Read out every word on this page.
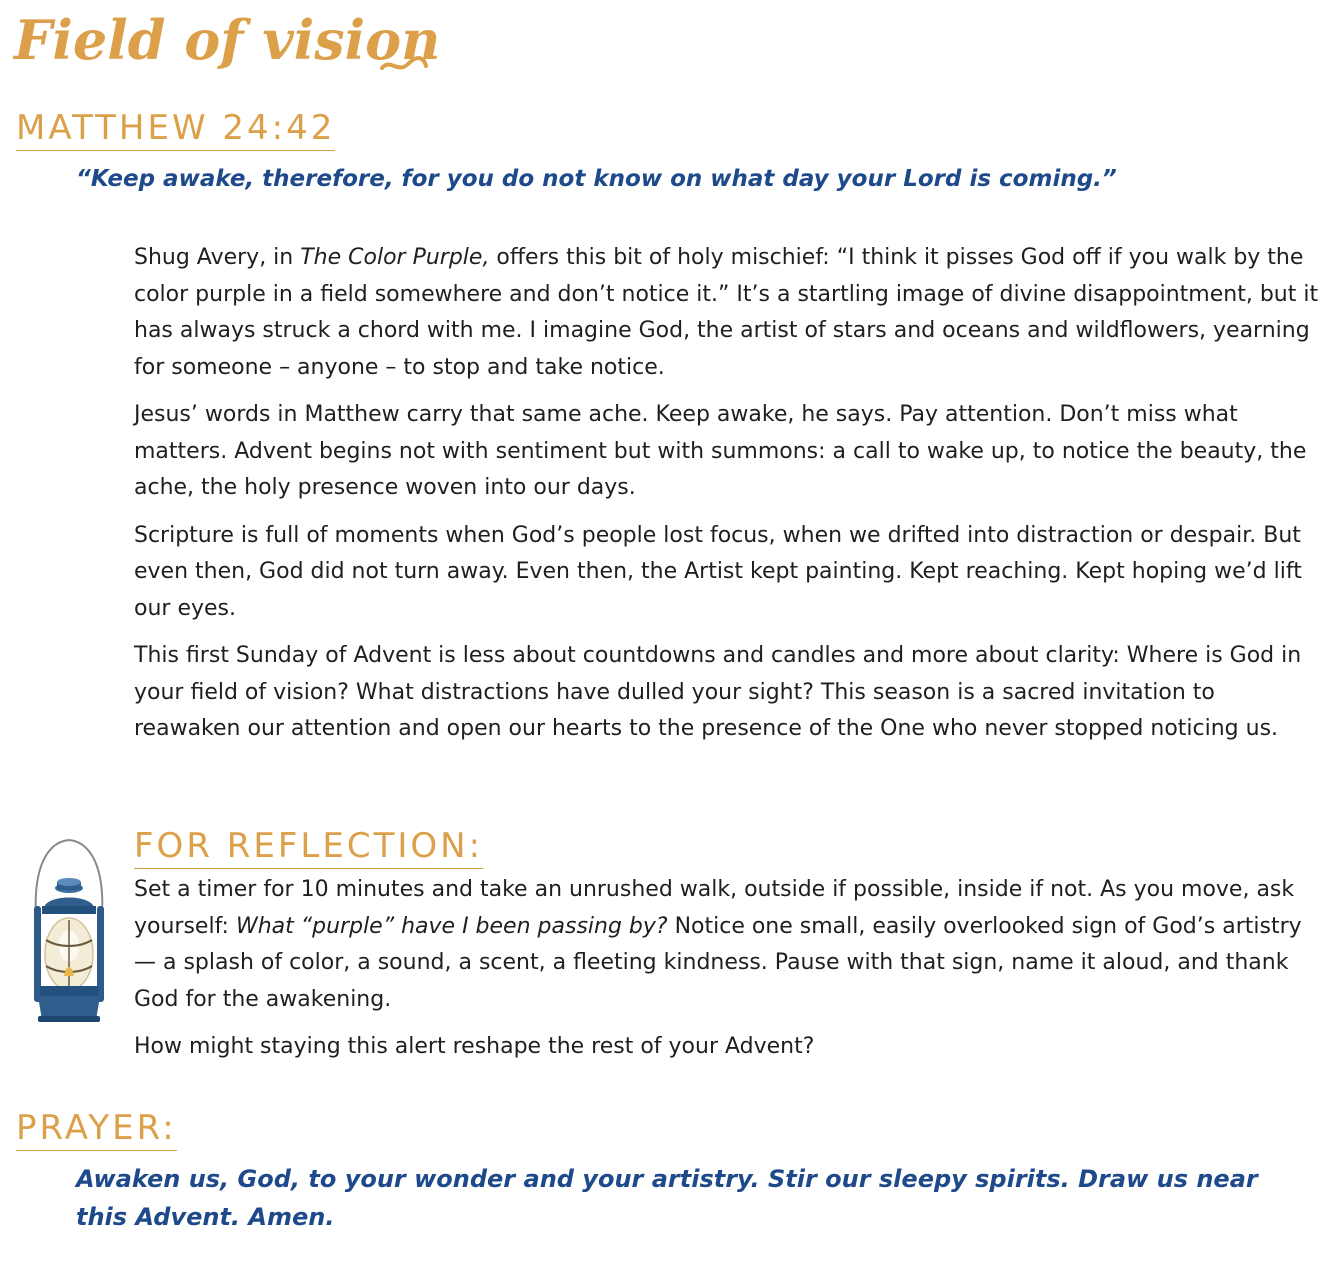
Field of vision
MATTHEW 24:42
“Keep awake, therefore, for you do not know on what day your Lord is coming.”

Shug Avery, in The Color Purple, offers this bit of holy mischief: “I think it pisses God off if you walk by the color purple in a field somewhere and don’t notice it.” It’s a startling image of divine disappointment, but it has always struck a chord with me. I imagine God, the artist of stars and oceans and wildflowers, yearning for someone – anyone – to stop and take notice.

Jesus’ words in Matthew carry that same ache. Keep awake, he says. Pay attention. Don’t miss what matters. Advent begins not with sentiment but with summons: a call to wake up, to notice the beauty, the ache, the holy presence woven into our days.

Scripture is full of moments when God’s people lost focus, when we drifted into distraction or despair. But even then, God did not turn away. Even then, the Artist kept painting. Kept reaching. Kept hoping we’d lift our eyes.

This first Sunday of Advent is less about countdowns and candles and more about clarity: Where is God in your field of vision? What distractions have dulled your sight? This season is a sacred invitation to reawaken our attention and open our hearts to the presence of the One who never stopped noticing us.

FOR REFLECTION:

Set a timer for 10 minutes and take an unrushed walk, outside if possible, inside if not. As you move, ask yourself: What “purple” have I been passing by? Notice one small, easily overlooked sign of God’s artistry — a splash of color, a sound, a scent, a fleeting kindness. Pause with that sign, name it aloud, and thank God for the awakening.

How might staying this alert reshape the rest of your Advent?

PRAYER:
Awaken us, God, to your wonder and your artistry. Stir our sleepy spirits. Draw us near this Advent. Amen.
